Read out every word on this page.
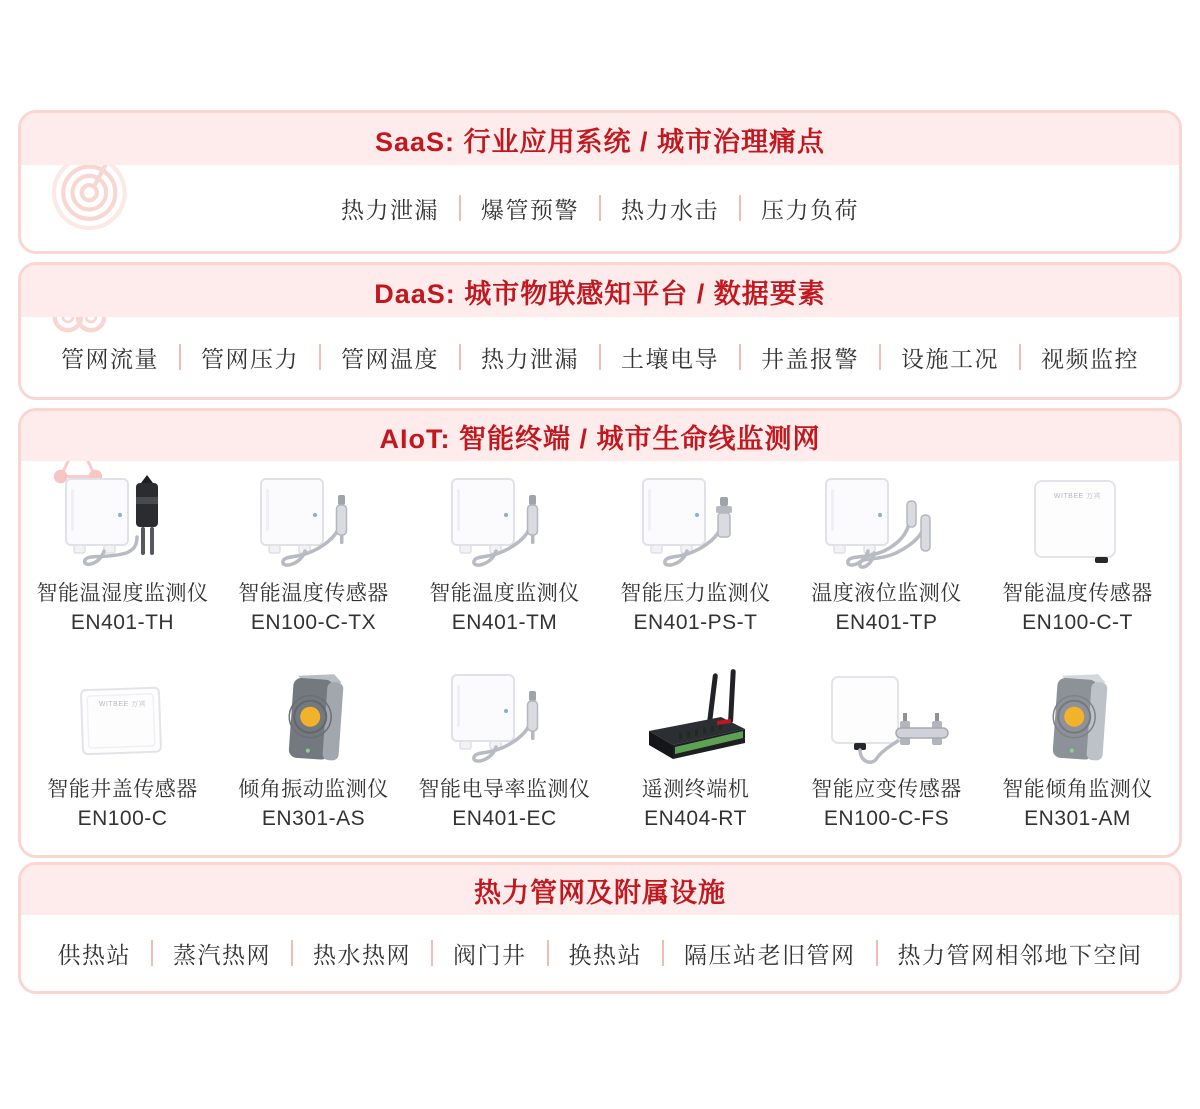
SaaS: 行业应用系统 / 城市治理痛点
热力泄漏	爆管预警	热力水击	压力负荷
DaaS: 城市物联感知平台 / 数据要素
管网流量	管网压力	管网温度	热力泄漏	土壤电导	井盖报警	设施工况	视频监控
AIoT: 智能终端 / 城市生命线监测网
智能温湿度监测仪
EN401-TH
智能温度传感器
EN100-C-TX
智能温度监测仪
EN401-TM
智能压力监测仪
EN401-PS-T
温度液位监测仪
EN401-TP
WITBEE 万宾
智能温度传感器
EN100-C-T
WITBEE 万宾
智能井盖传感器
EN100-C
倾角振动监测仪
EN301-AS
智能电导率监测仪
EN401-EC
遥测终端机
EN404-RT
智能应变传感器
EN100-C-FS
智能倾角监测仪
EN301-AM
热力管网及附属设施
供热站	蒸汽热网	热水热网	阀门井	换热站	隔压站老旧管网	热力管网相邻地下空间
